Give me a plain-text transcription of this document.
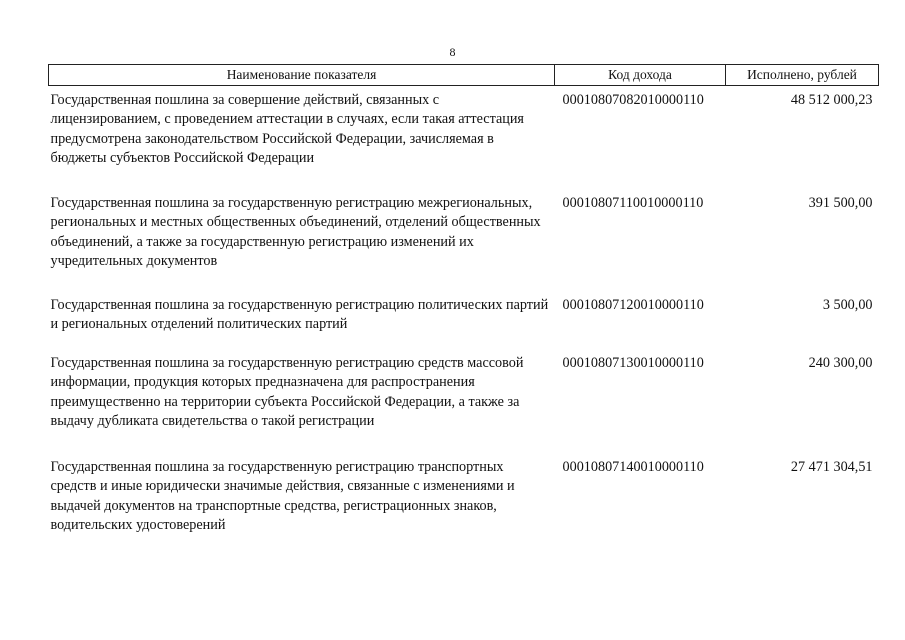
8
Наименование показателя	Код дохода	Исполнено, рублей
Государственная пошлина за совершение действий, связанных с лицензированием, с проведением аттестации в случаях, если такая аттестация предусмотрена законодательством Российской Федерации, зачисляемая в бюджеты субъектов Российской Федерации	00010807082010000110	48 512 000,23
Государственная пошлина за государственную регистрацию межрегиональных, региональных и местных общественных объединений, отделений общественных объединений, а также за государственную регистрацию изменений их учредительных документов	00010807110010000110	391 500,00
Государственная пошлина за государственную регистрацию политических партий и региональных отделений политических партий	00010807120010000110	3 500,00
Государственная пошлина за государственную регистрацию средств массовой информации, продукция которых предназначена для распространения преимущественно на территории субъекта Российской Федерации, а также за выдачу дубликата свидетельства о такой регистрации	00010807130010000110	240 300,00
Государственная пошлина за государственную регистрацию транспортных средств и иные юридически значимые действия, связанные с изменениями и выдачей документов на транспортные средства, регистрационных знаков, водительских удостоверений	00010807140010000110	27 471 304,51
